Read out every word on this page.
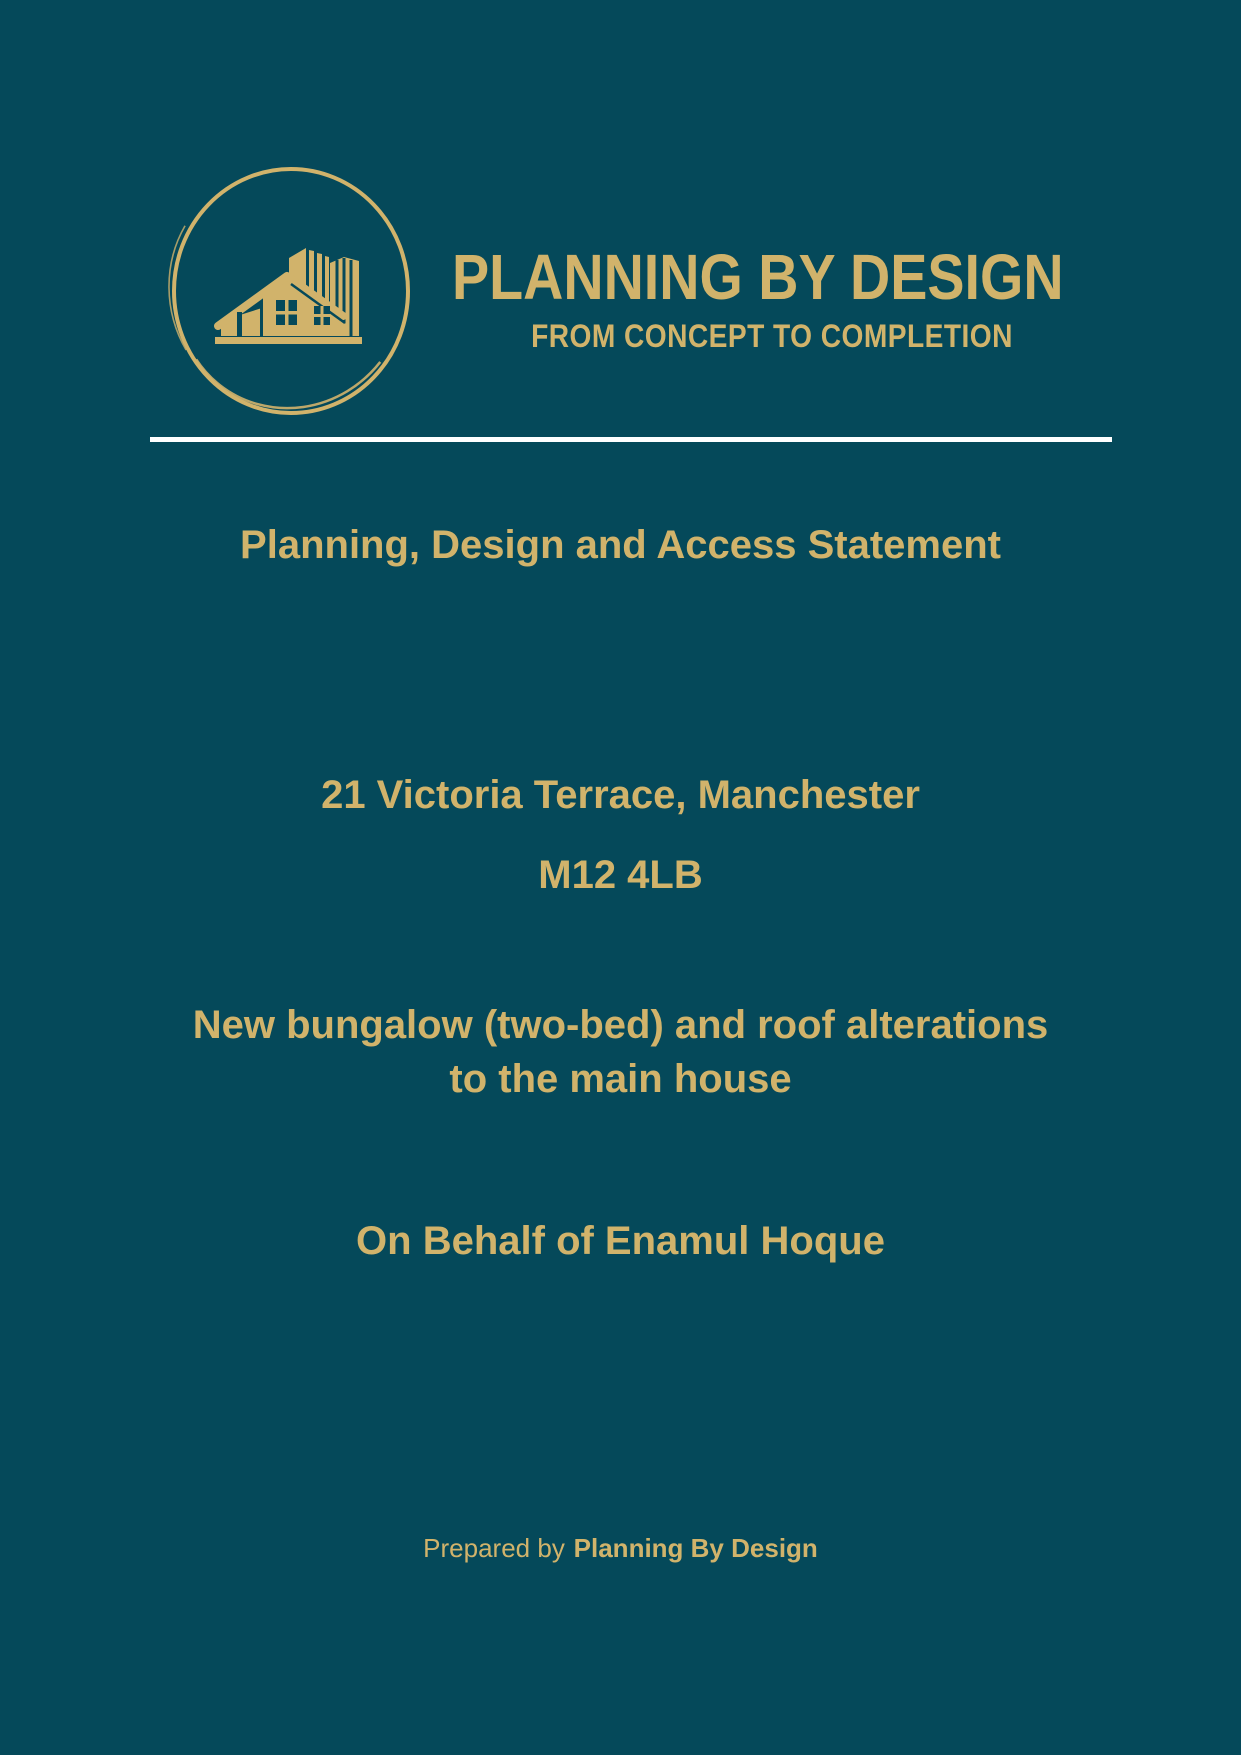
PLANNING BY DESIGN
FROM CONCEPT TO COMPLETION
Planning, Design and Access Statement
21 Victoria Terrace, Manchester
M12 4LB
New bungalow (two-bed) and roof alterations
to the main house
On Behalf of Enamul Hoque
Prepared by Planning By Design
